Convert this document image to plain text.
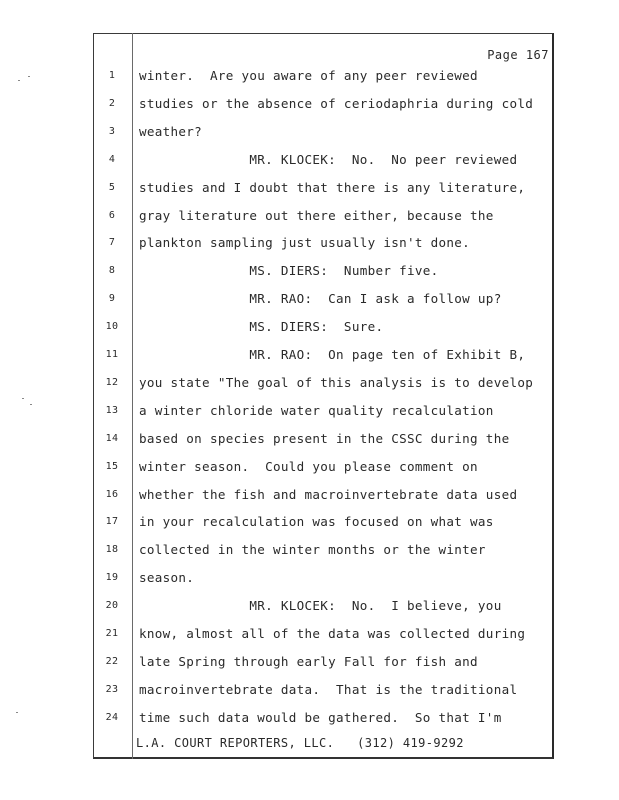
Page 167
1	winter.  Are you aware of any peer reviewed
2	studies or the absence of ceriodaphria during cold
3	weather?
4	MR. KLOCEK:  No.  No peer reviewed
5	studies and I doubt that there is any literature,
6	gray literature out there either, because the
7	plankton sampling just usually isn't done.
8	MS. DIERS:  Number five.
9	MR. RAO:  Can I ask a follow up?
10	MS. DIERS:  Sure.
11	MR. RAO:  On page ten of Exhibit B,
12	you state "The goal of this analysis is to develop
13	a winter chloride water quality recalculation
14	based on species present in the CSSC during the
15	winter season.  Could you please comment on
16	whether the fish and macroinvertebrate data used
17	in your recalculation was focused on what was
18	collected in the winter months or the winter
19	season.
20	MR. KLOCEK:  No.  I believe, you
21	know, almost all of the data was collected during
22	late Spring through early Fall for fish and
23	macroinvertebrate data.  That is the traditional
24	time such data would be gathered.  So that I'm
L.A. COURT REPORTERS, LLC.   (312) 419-9292
